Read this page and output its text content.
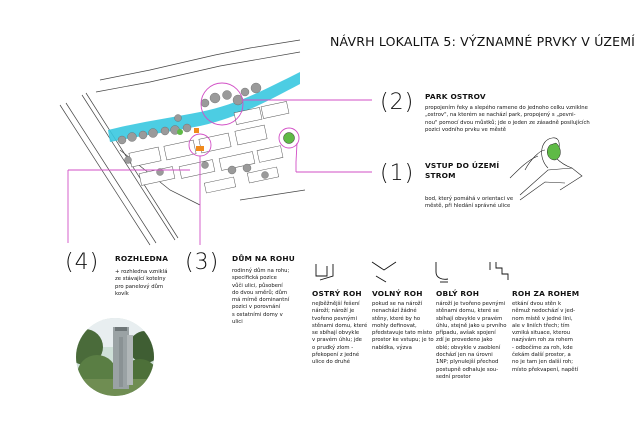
NÁVRH LOKALITA 5: VÝZNAMNÉ PRVKY V ÚZEMÍ
(2) PARK OSTROV
propojením řeky a slepého ramene do jednoho celku vzniklne
„ostrov", na kterém se nachází park, propojený s „pevni-
nou" pomocí dvou můstků; jde o jeden ze zásadně posilujících
pozici vodního prvku ve městě
(1) VSTUP DO ÚZEMÍ
STROM
bod, který pomáhá v orientaci ve
městě, při hledání správné ulice
(4) ROZHLEDNA
+ rozhledna vzniklá
ze stávající kotelny
pro panelový dům
kovík
(3) DŮM NA ROHU
rodinný dům na rohu;
specifická pozice
vůči ulici, působení
do dvou směrů; dům
má mírně dominantní
pozici v porovnání
s ostatními domy v
ulici
OSTRÝ ROH
nejběžnější řešení
nároží; nároží je
tvořeno pevnými
stěnami domu, které
se sbíhají obvykle
v pravém úhlu; jde
o prudký zlom -
překopení z jedné
ulice do druhé
VOLNÝ ROH
pokud se na nároží
nenachází žádné
stěny, které by ho
mohly definovat,
představuje tato místo
prostor ke vstupu; je to
nabídka, výzva
OBLÝ ROH
nároží je tvořeno pevnými
stěnami domu, které se
sbíhají obvykle v pravém
úhlu, stejně jako u prvního
případu, avšak spojení
zdí je provedeno jako
oblé; obvykle v zaoblení
dochází jen na úrovni
1NP; plynulejší přechod
postupně odhaluje sou-
sední prostor
ROH ZA ROHEM
etkání dvou stěn k
němuž nedochází v jed-
nom místě v jedné lini,
ale v liniích třech; tím
vzniká situace, kterou
nazývám roh za rohem
- odbočíme za roh, kde
čekám další prostor, a
no je tam jen další roh;
místo překvapení, napětí
